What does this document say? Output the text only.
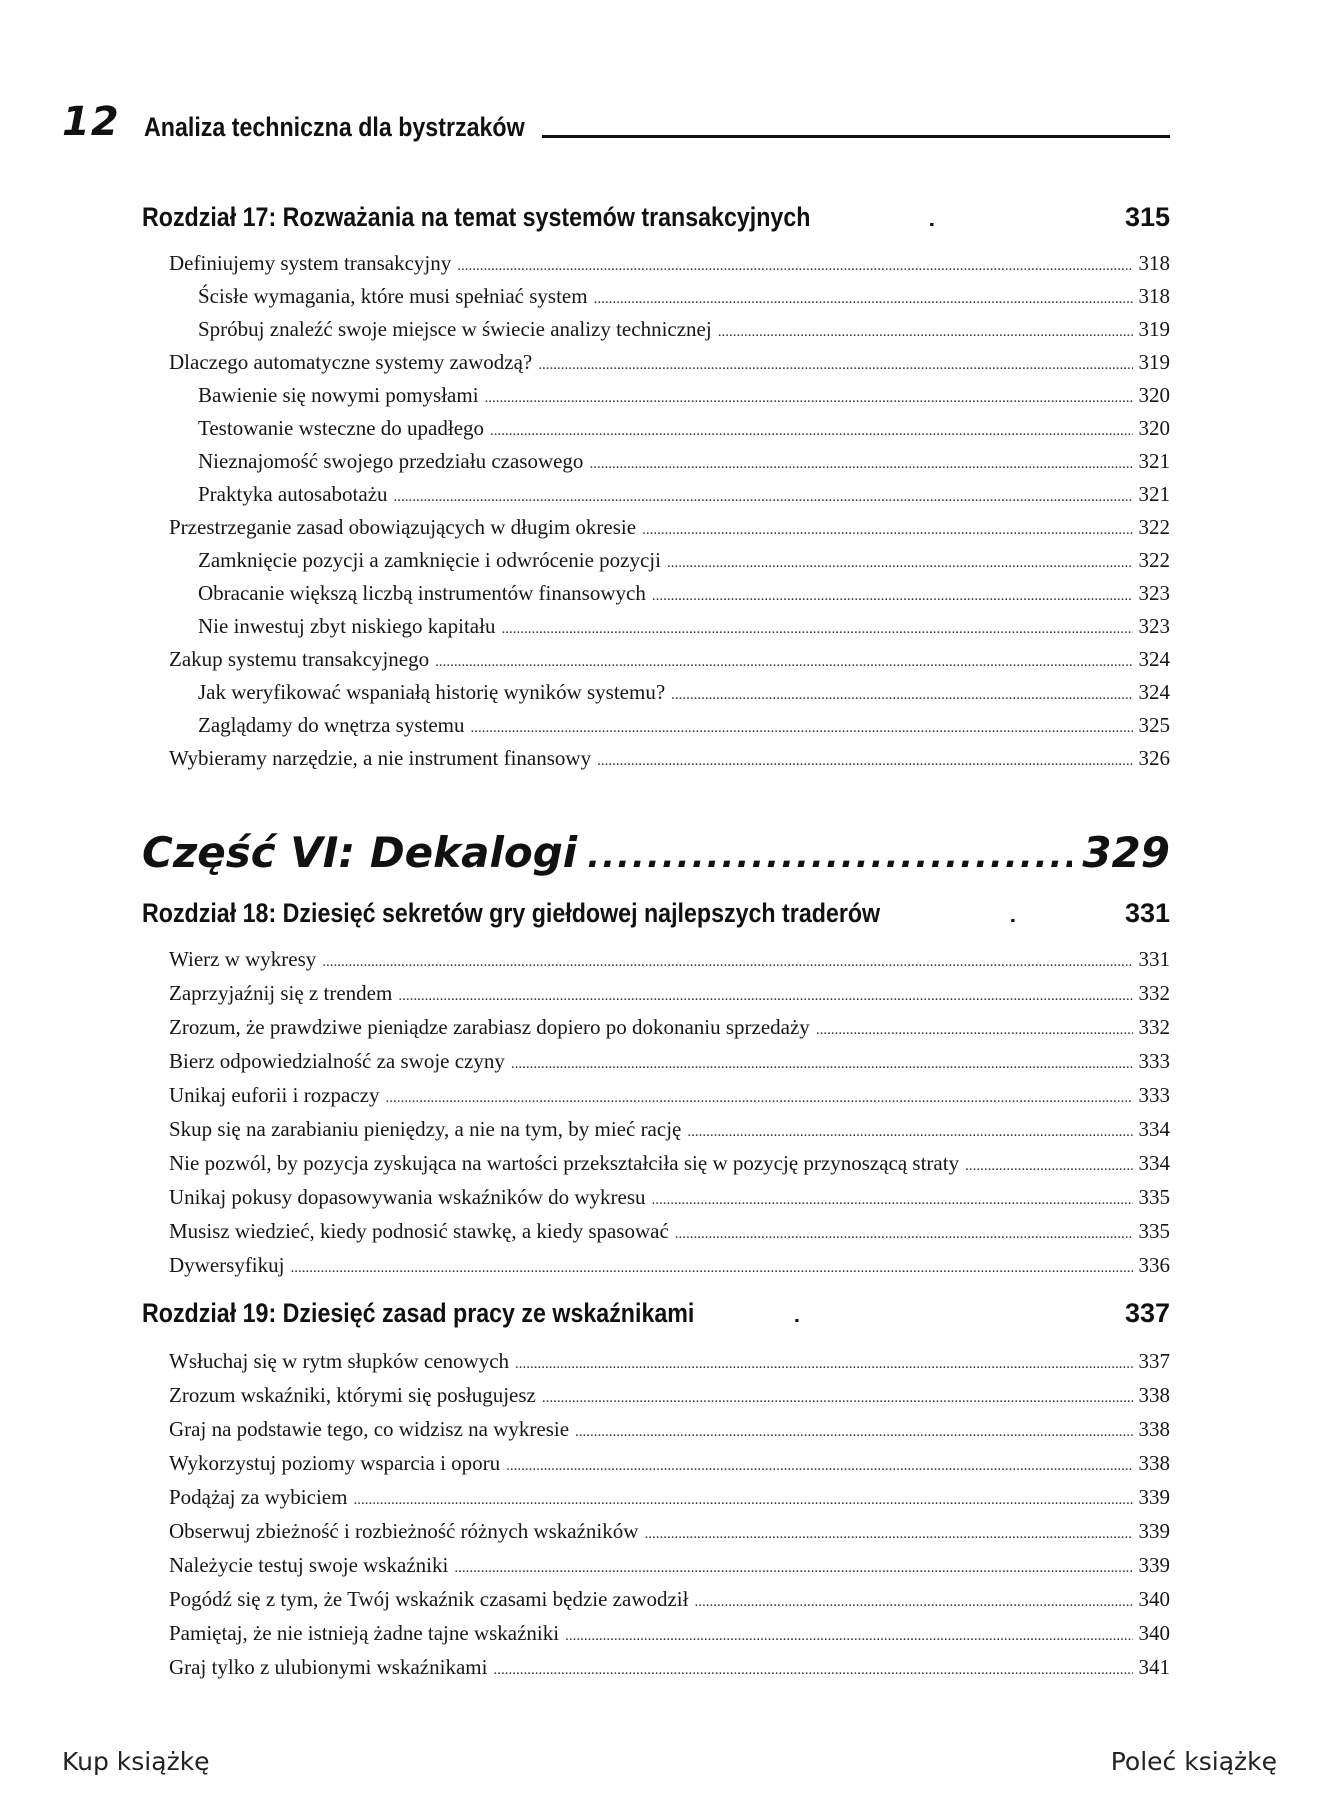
12 Analiza techniczna dla bystrzaków
Rozdział 17: Rozważania na temat systemów transakcyjnych . . .	315
Definiujemy system transakcyjny .....	318
Ścisłe wymagania, które musi spełniać system .....	318
Spróbuj znaleźć swoje miejsce w świecie analizy technicznej .....	319
Dlaczego automatyczne systemy zawodzą? .....	319
Bawienie się nowymi pomysłami .....	320
Testowanie wsteczne do upadłego .....	320
Nieznajomość swojego przedziału czasowego .....	321
Praktyka autosabotażu .....	321
Przestrzeganie zasad obowiązujących w długim okresie .....	322
Zamknięcie pozycji a zamknięcie i odwrócenie pozycji .....	322
Obracanie większą liczbą instrumentów finansowych .....	323
Nie inwestuj zbyt niskiego kapitału .....	323
Zakup systemu transakcyjnego .....	324
Jak weryfikować wspaniałą historię wyników systemu? .....	324
Zaglądamy do wnętrza systemu .....	325
Wybieramy narzędzie, a nie instrument finansowy .....	326
Część VI: Dekalogi .....	329
Rozdział 18: Dziesięć sekretów gry giełdowej najlepszych traderów . . .	331
Wierz w wykresy .....	331
Zaprzyjaźnij się z trendem .....	332
Zrozum, że prawdziwe pieniądze zarabiasz dopiero po dokonaniu sprzedaży .....	332
Bierz odpowiedzialność za swoje czyny .....	333
Unikaj euforii i rozpaczy .....	333
Skup się na zarabianiu pieniędzy, a nie na tym, by mieć rację .....	334
Nie pozwól, by pozycja zyskująca na wartości przekształciła się w pozycję przynoszącą straty .....	334
Unikaj pokusy dopasowywania wskaźników do wykresu .....	335
Musisz wiedzieć, kiedy podnosić stawkę, a kiedy spasować .....	335
Dywersyfikuj .....	336
Rozdział 19: Dziesięć zasad pracy ze wskaźnikami . . .	337
Wsłuchaj się w rytm słupków cenowych .....	337
Zrozum wskaźniki, którymi się posługujesz .....	338
Graj na podstawie tego, co widzisz na wykresie .....	338
Wykorzystuj poziomy wsparcia i oporu .....	338
Podążaj za wybiciem .....	339
Obserwuj zbieżność i rozbieżność różnych wskaźników .....	339
Należycie testuj swoje wskaźniki .....	339
Pogódź się z tym, że Twój wskaźnik czasami będzie zawodził .....	340
Pamiętaj, że nie istnieją żadne tajne wskaźniki .....	340
Graj tylko z ulubionymi wskaźnikami .....	341
Kup książkę	Poleć książkę
